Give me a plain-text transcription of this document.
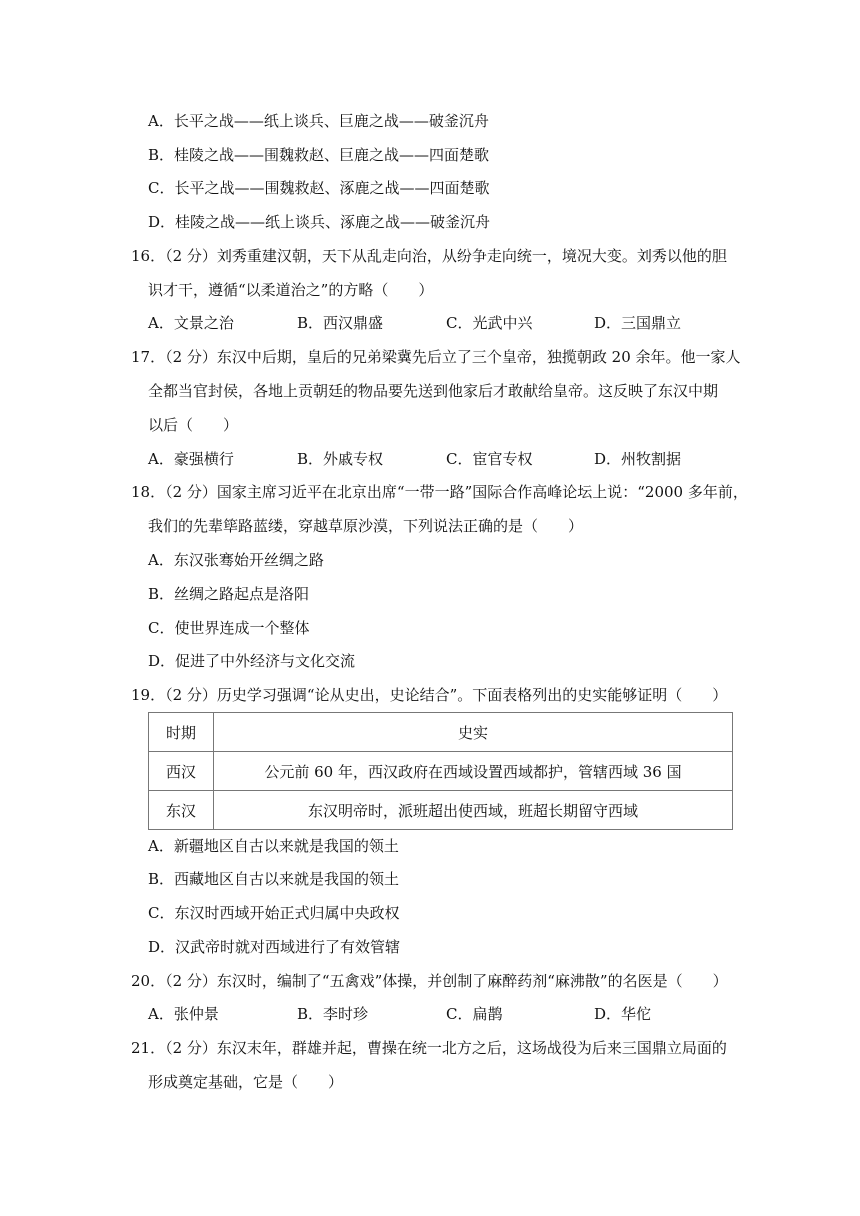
A．长平之战——纸上谈兵、巨鹿之战——破釜沉舟
B．桂陵之战——围魏救赵、巨鹿之战——四面楚歌
C．长平之战——围魏救赵、涿鹿之战——四面楚歌
D．桂陵之战——纸上谈兵、涿鹿之战——破釜沉舟
16．（2 分）刘秀重建汉朝，天下从乱走向治，从纷争走向统一，境况大变。刘秀以他的胆
识才干，遵循“以柔道治之”的方略（　　）
A．文景之治	B．西汉鼎盛	C．光武中兴	D．三国鼎立
17．（2 分）东汉中后期，皇后的兄弟梁冀先后立了三个皇帝，独揽朝政 20 余年。他一家人
全都当官封侯，各地上贡朝廷的物品要先送到他家后才敢献给皇帝。这反映了东汉中期
以后（　　）
A．豪强横行	B．外戚专权	C．宦官专权	D．州牧割据
18．（2 分）国家主席习近平在北京出席“一带一路”国际合作高峰论坛上说：“2000 多年前，
我们的先辈筚路蓝缕，穿越草原沙漠，下列说法正确的是（　　）
A．东汉张骞始开丝绸之路
B．丝绸之路起点是洛阳
C．使世界连成一个整体
D．促进了中外经济与文化交流
19．（2 分）历史学习强调“论从史出，史论结合”。下面表格列出的史实能够证明（　　）
时期	史实
西汉	公元前 60 年，西汉政府在西域设置西域都护，管辖西域 36 国
东汉	东汉明帝时，派班超出使西域，班超长期留守西域
A．新疆地区自古以来就是我国的领土
B．西藏地区自古以来就是我国的领土
C．东汉时西域开始正式归属中央政权
D．汉武帝时就对西域进行了有效管辖
20．（2 分）东汉时，编制了“五禽戏”体操，并创制了麻醉药剂“麻沸散”的名医是（　　）
A．张仲景	B．李时珍	C．扁鹊	D．华佗
21．（2 分）东汉末年，群雄并起，曹操在统一北方之后，这场战役为后来三国鼎立局面的
形成奠定基础，它是（　　）
